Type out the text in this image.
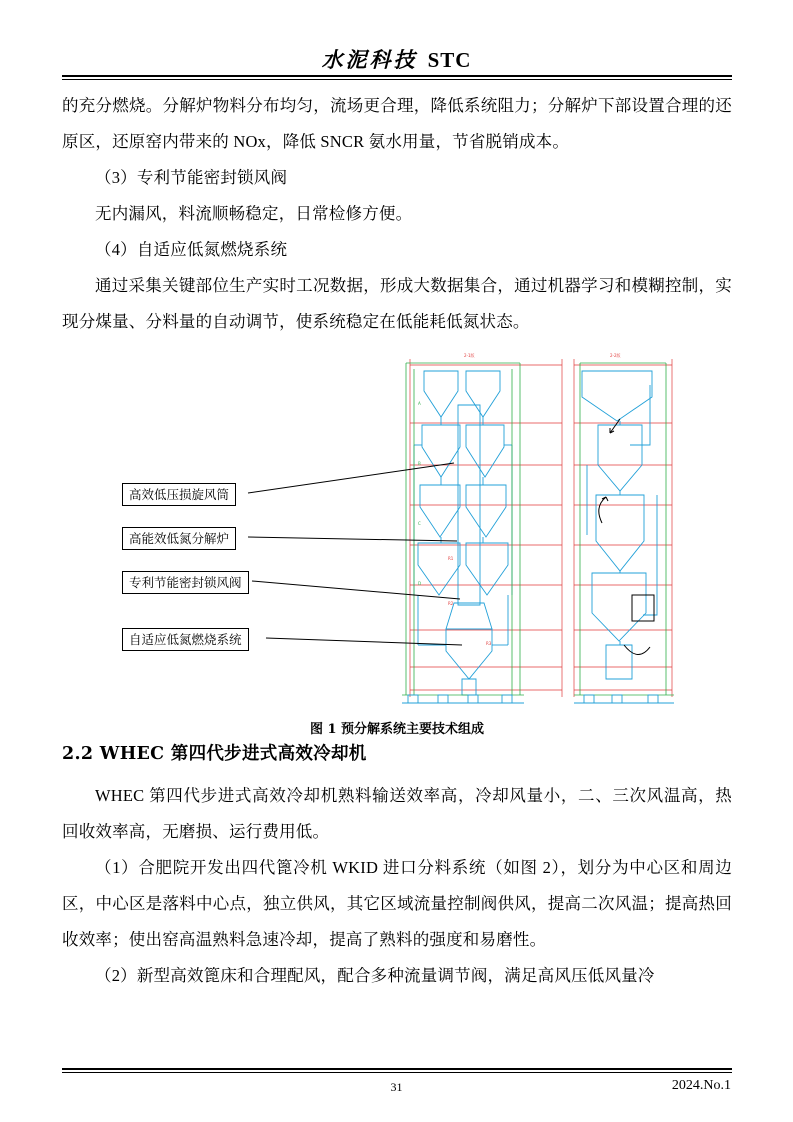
水泥科技 STC

的充分燃烧。分解炉物料分布均匀，流场更合理，降低系统阻力；分解炉下部设置合理的还原区，还原窑内带来的 NOx，降低 SNCR 氨水用量，节省脱销成本。

（3）专利节能密封锁风阀

无内漏风，料流顺畅稳定，日常检修方便。

（4）自适应低氮燃烧系统

通过采集关键部位生产实时工况数据，形成大数据集合，通过机器学习和模糊控制，实现分煤量、分料量的自动调节，使系统稳定在低能耗低氮状态。

2-1版	2-2版
A
B
C
D
R1
R2
R3
高效低压损旋风筒
高能效低氮分解炉
专利节能密封锁风阀
自适应低氮燃烧系统
图 1 预分解系统主要技术组成
2.2 WHEC 第四代步进式高效冷却机

WHEC 第四代步进式高效冷却机熟料输送效率高，冷却风量小，二、三次风温高，热回收效率高，无磨损、运行费用低。

（1）合肥院开发出四代篦冷机 WKID 进口分料系统（如图 2），划分为中心区和周边区，中心区是落料中心点，独立供风，其它区域流量控制阀供风，提高二次风温；提高热回收效率；使出窑高温熟料急速冷却，提高了熟料的强度和易磨性。

（2）新型高效篦床和合理配风，配合多种流量调节阀，满足高风压低风量冷

31	2024.No.1
